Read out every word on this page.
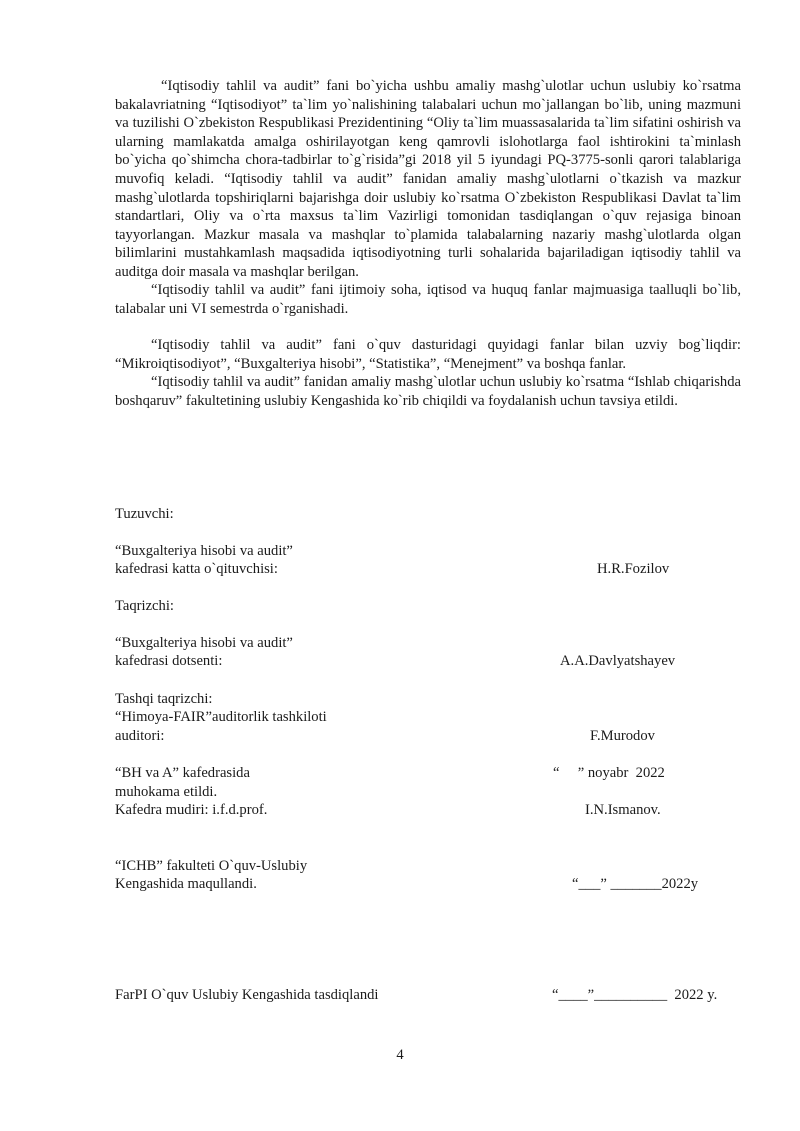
“Iqtisodiy tahlil va audit” fani bo`yicha ushbu amaliy mashg`ulotlar uchun uslubiy ko`rsatma bakalavriatning “Iqtisodiyot” ta`lim yo`nalishining talabalari uchun mo`jallangan bo`lib, uning mazmuni va tuzilishi O`zbekiston Respublikasi Prezidentining “Oliy ta`lim muassasalarida ta`lim sifatini oshirish va ularning mamlakatda amalga oshirilayotgan keng qamrovli islohotlarga faol ishtirokini ta`minlash bo`yicha qo`shimcha chora-tadbirlar to`g`risida”gi 2018 yil 5 iyundagi PQ-3775-sonli qarori talablariga muvofiq keladi. “Iqtisodiy tahlil va audit” fanidan amaliy mashg`ulotlarni o`tkazish va mazkur mashg`ulotlarda topshiriqlarni bajarishga doir uslubiy ko`rsatma O`zbekiston Respublikasi Davlat ta`lim standartlari, Oliy va o`rta maxsus ta`lim Vazirligi tomonidan tasdiqlangan o`quv rejasiga binoan tayyorlangan. Mazkur masala va mashqlar to`plamida talabalarning nazariy mashg`ulotlarda olgan bilimlarini mustahkamlash maqsadida iqtisodiyotning turli sohalarida bajariladigan iqtisodiy tahlil va auditga doir masala va mashqlar berilgan.

“Iqtisodiy tahlil va audit” fani ijtimoiy soha, iqtisod va huquq fanlar majmuasiga taalluqli bo`lib, talabalar uni VI semestrda o`rganishadi.

“Iqtisodiy tahlil va audit” fani o`quv dasturidagi quyidagi fanlar bilan uzviy bog`liqdir: “Mikroiqtisodiyot”, “Buxgalteriya hisobi”, “Statistika”, “Menejment” va boshqa fanlar.

“Iqtisodiy tahlil va audit” fanidan amaliy mashg`ulotlar uchun uslubiy ko`rsatma “Ishlab chiqarishda boshqaruv” fakultetining uslubiy Kengashida ko`rib chiqildi va foydalanish uchun tavsiya etildi.

Tuzuvchi:
“Buxgalteriya hisobi va audit”
kafedrasi katta o`qituvchisi:	H.R.Fozilov
Taqrizchi:
“Buxgalteriya hisobi va audit”
kafedrasi dotsenti:	A.A.Davlyatshayev
Tashqi taqrizchi:
“Himoya-FAIR”auditorlik tashkiloti
auditori:	F.Murodov
“BH va A” kafedrasida	“     ” noyabr  2022
muhokama etildi.
Kafedra mudiri: i.f.d.prof.	I.N.Ismanov.
“ICHB” fakulteti O`quv-Uslubiy
Kengashida maqullandi.	“___” _______2022y
FarPI O`quv Uslubiy Kengashida tasdiqlandi	“____”__________  2022 y.
4
